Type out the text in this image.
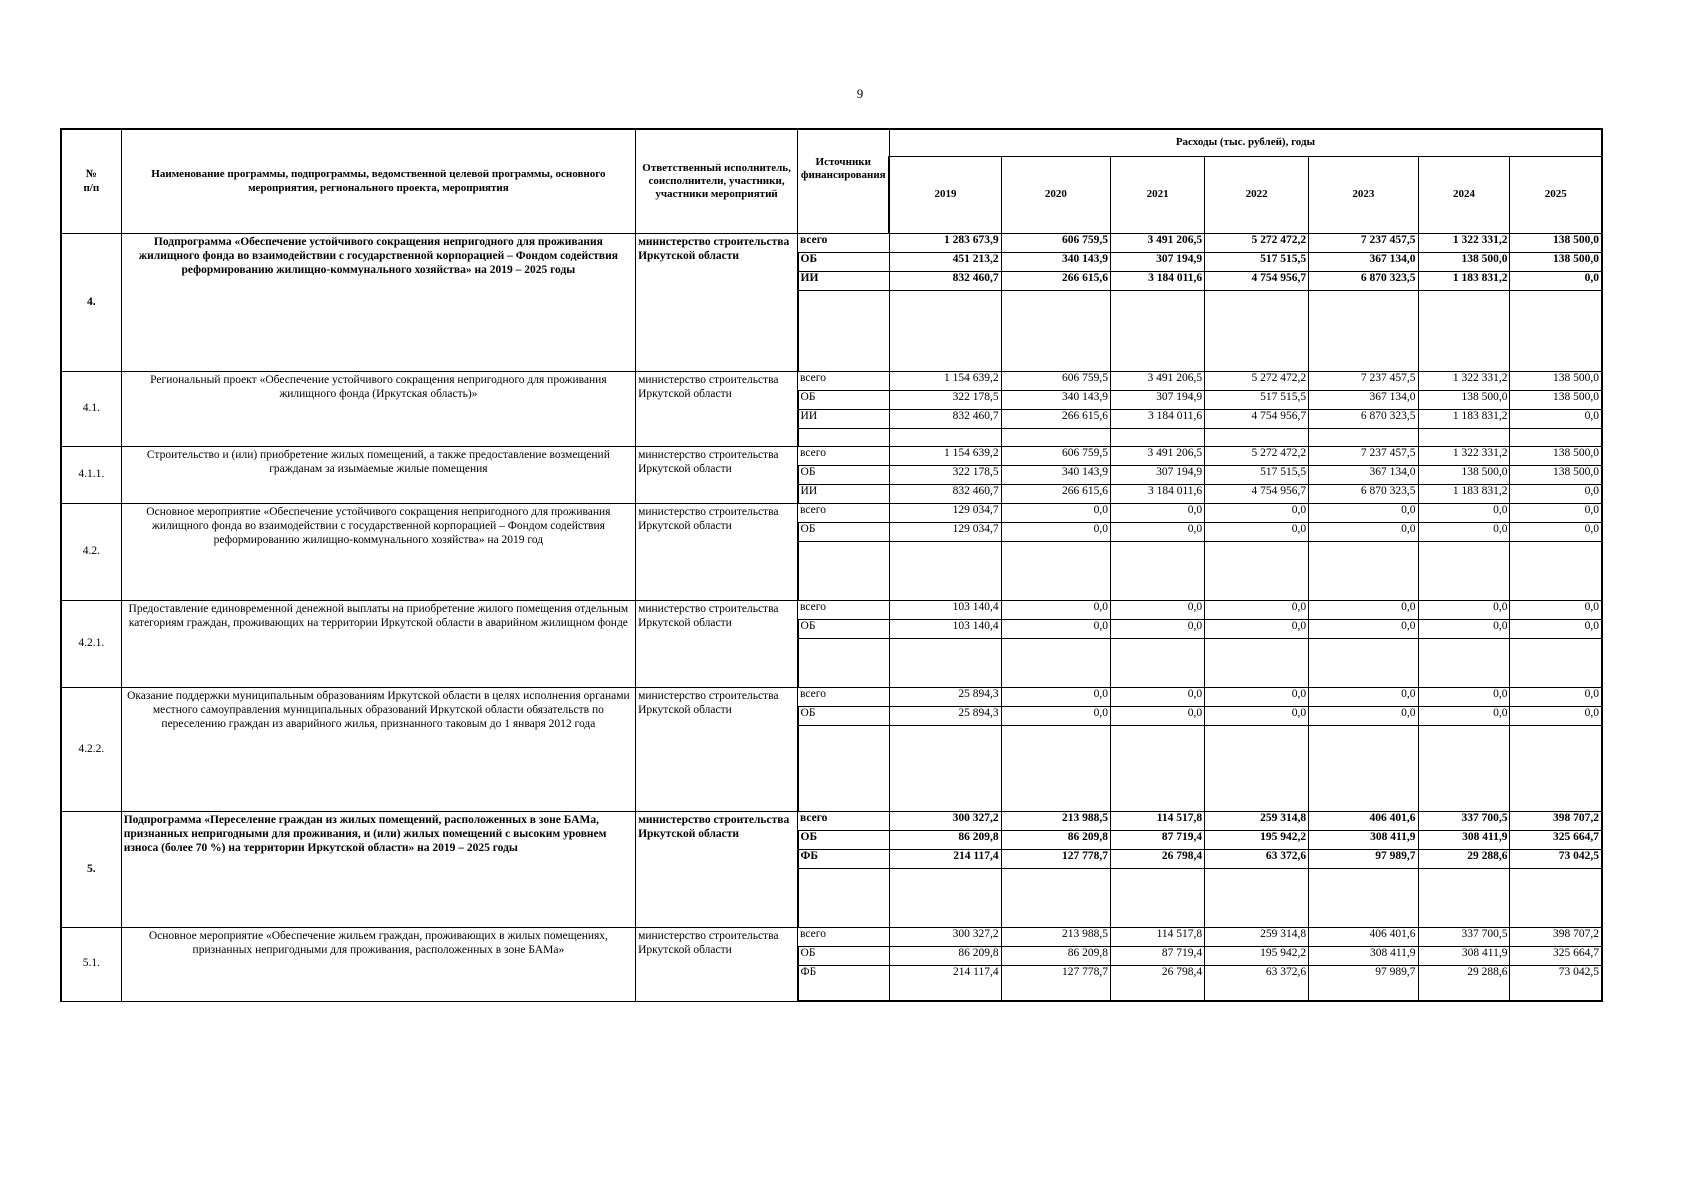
9
№
п/п	Наименование программы, подпрограммы, ведомственной целевой программы, основного мероприятия, регионального проекта, мероприятия	Ответственный исполнитель, соисполнители, участники, участники мероприятий	Источники финансирования	Расходы (тыс. рублей), годы						
				2019	2020	2021	2022	2023	2024	2025
4.	Подпрограмма «Обеспечение устойчивого сокращения непригодного для проживания жилищного фонда во взаимодействии с государственной корпорацией – Фондом содействия реформированию жилищно-коммунального хозяйства» на 2019 – 2025 годы	министерство строительства Иркутской области	всего	1 283 673,9	606 759,5	3 491 206,5	5 272 472,2	7 237 457,5	1 322 331,2	138 500,0
			ОБ	451 213,2	340 143,9	307 194,9	517 515,5	367 134,0	138 500,0	138 500,0
			ИИ	832 460,7	266 615,6	3 184 011,6	4 754 956,7	6 870 323,5	1 183 831,2	0,0

4.1.	Региональный проект «Обеспечение устойчивого сокращения непригодного для проживания жилищного фонда (Иркутская область)»	министерство строительства Иркутской области	всего	1 154 639,2	606 759,5	3 491 206,5	5 272 472,2	7 237 457,5	1 322 331,2	138 500,0
			ОБ	322 178,5	340 143,9	307 194,9	517 515,5	367 134,0	138 500,0	138 500,0
			ИИ	832 460,7	266 615,6	3 184 011,6	4 754 956,7	6 870 323,5	1 183 831,2	0,0

4.1.1.	Строительство и (или) приобретение жилых помещений, а также предоставление возмещений гражданам за изымаемые жилые помещения	министерство строительства Иркутской области	всего	1 154 639,2	606 759,5	3 491 206,5	5 272 472,2	7 237 457,5	1 322 331,2	138 500,0
			ОБ	322 178,5	340 143,9	307 194,9	517 515,5	367 134,0	138 500,0	138 500,0
			ИИ	832 460,7	266 615,6	3 184 011,6	4 754 956,7	6 870 323,5	1 183 831,2	0,0
4.2.	Основное мероприятие «Обеспечение устойчивого сокращения непригодного для проживания жилищного фонда во взаимодействии с государственной корпорацией – Фондом содействия реформированию жилищно-коммунального хозяйства» на 2019 год	министерство строительства Иркутской области	всего	129 034,7	0,0	0,0	0,0	0,0	0,0	0,0
			ОБ	129 034,7	0,0	0,0	0,0	0,0	0,0	0,0

4.2.1.	Предоставление единовременной денежной выплаты на приобретение жилого помещения отдельным категориям граждан, проживающих на территории Иркутской области в аварийном жилищном фонде	министерство строительства Иркутской области	всего	103 140,4	0,0	0,0	0,0	0,0	0,0	0,0
			ОБ	103 140,4	0,0	0,0	0,0	0,0	0,0	0,0

4.2.2.	Оказание поддержки муниципальным образованиям Иркутской области в целях исполнения органами местного самоуправления муниципальных образований Иркутской области обязательств по переселению граждан из аварийного жилья, признанного таковым до 1 января 2012 года	министерство строительства Иркутской области	всего	25 894,3	0,0	0,0	0,0	0,0	0,0	0,0
			ОБ	25 894,3	0,0	0,0	0,0	0,0	0,0	0,0

5.	Подпрограмма «Переселение граждан из жилых помещений, расположенных в зоне БАМа, признанных непригодными для проживания, и (или) жилых помещений с высоким уровнем износа (более 70 %) на территории Иркутской области» на 2019 – 2025 годы	министерство строительства Иркутской области	всего	300 327,2	213 988,5	114 517,8	259 314,8	406 401,6	337 700,5	398 707,2
			ОБ	86 209,8	86 209,8	87 719,4	195 942,2	308 411,9	308 411,9	325 664,7
			ФБ	214 117,4	127 778,7	26 798,4	63 372,6	97 989,7	29 288,6	73 042,5

5.1.	Основное мероприятие «Обеспечение жильем граждан, проживающих в жилых помещениях, признанных непригодными для проживания, расположенных в зоне БАМа»	министерство строительства Иркутской области	всего	300 327,2	213 988,5	114 517,8	259 314,8	406 401,6	337 700,5	398 707,2
			ОБ	86 209,8	86 209,8	87 719,4	195 942,2	308 411,9	308 411,9	325 664,7
			ФБ	214 117,4	127 778,7	26 798,4	63 372,6	97 989,7	29 288,6	73 042,5
